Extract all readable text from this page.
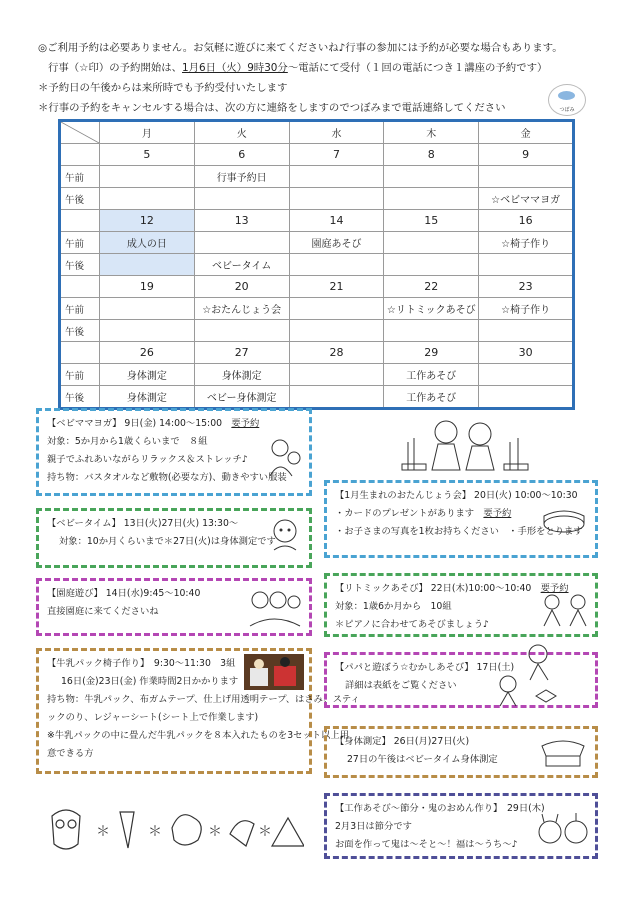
◎ご利用予約は必要ありません。お気軽に遊びに来てくださいね♪行事の参加には予約が必要な場合もあります。
行事（☆印）の予約開始は、1月6日（火）9時30分～電話にて受付（１回の電話につき１講座の予約です）
＊予約日の午後からは来所時でも予約受付いたします
＊行事の予約をキャンセルする場合は、次の方に連絡をしますのでつぼみまで電話連絡してください	つぼみ
	月	火	水	木	金
	5	6	7	8	9
午前		行事予約日			
午後					☆ベビママヨガ
	12	13	14	15	16
午前	成人の日		園庭あそび		☆椅子作り
午後		ベビータイム			
	19	20	21	22	23
午前		☆おたんじょう会		☆リトミックあそび	☆椅子作り
午後					
	26	27	28	29	30
午前	身体測定	身体測定		工作あそび	
午後	身体測定	ベビー身体測定		工作あそび	

【ベビママヨガ】 9日(金) 14:00～15:00　 要予約

対象：5か月から1歳くらいまで　８組

親子でふれあいながらリラックス＆ストレッチ♪

持ち物：バスタオルなど敷物(必要な方)、動きやすい服装

【1月生まれのおたんじょう会】 20日(火) 10:00～10:30

・カードのプレゼントがあります　 要予約

・お子さまの写真を1枚お持ちください　・手形をとります

【ベビータイム】 13日(火)27日(火) 13:30～

対象：10か月くらいまで＊27日(火)は身体測定です

【リトミックあそび】 22日(木)10:00～10:40　 要予約

対象：1歳6か月から　10組

＊ピアノに合わせてあそびましょう♪

【園庭遊び】 14日(水)9:45～10:40

直接園庭に来てくださいね

【牛乳パック椅子作り】　9:30～11:30　3組

16日(金)23日(金) 作業時間2日かかります

持ち物：牛乳パック、布ガムテープ、仕上げ用透明テープ、はさみ、スティ

ックのり、レジャーシート(シート上で作業します)

※牛乳パックの中に畳んだ牛乳パックを８本入れたものを3セット以上用

意できる方

【パパと遊ぼう☆むかしあそび】 17日(土)

詳細は表紙をご覧ください

【身体測定】 26日(月)27日(火)

27日の午後はベビータイム身体測定

【工作あそび～節分・鬼のおめん作り】　29日(木)

2月3日は節分です

お面を作って鬼は～そと～！福は～うち～♪

＊	＊	＊	＊
